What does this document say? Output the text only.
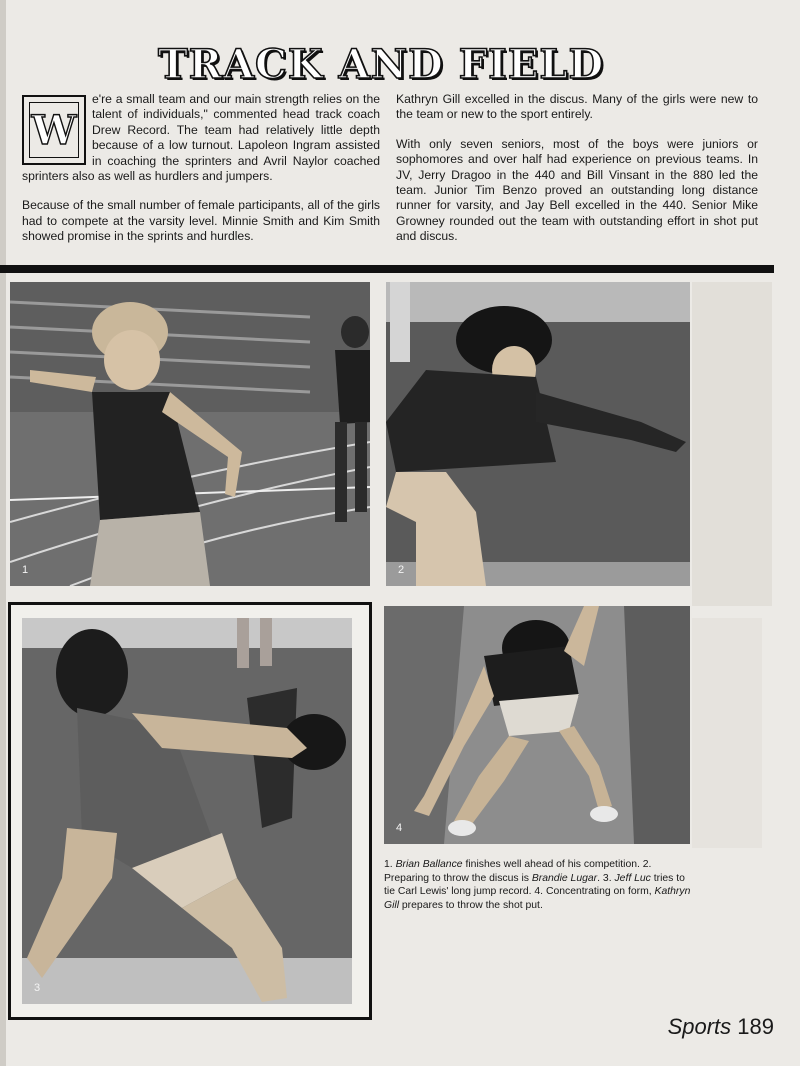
TRACK AND FIELD

e're a small team and our main strength relies on the talent of individuals," commented head track coach Drew Record. The team had relatively little depth because of a low turnout. Lapoleon Ingram assisted in coaching the sprinters and Avril Naylor coached sprinters also as well as hurdlers and jumpers.

Because of the small number of female participants, all of the girls had to compete at the varsity level. Minnie Smith and Kim Smith showed promise in the sprints and hurdles.

W

Kathryn Gill excelled in the discus. Many of the girls were new to the team or new to the sport entirely.

With only seven seniors, most of the boys were juniors or sophomores and over half had experience on previous teams. In JV, Jerry Dragoo in the 440 and Bill Vinsant in the 880 led the team. Junior Tim Benzo proved an outstanding long distance runner for varsity, and Jay Bell excelled in the 440. Senior Mike Growney rounded out the team with outstanding effort in shot put and discus.

1	2
3
4
1. Brian Ballance finishes well ahead of his competition. 2. Preparing to throw the discus is Brandie Lugar. 3. Jeff Luc tries to tie Carl Lewis' long jump record. 4. Concentrating on form, Kathryn Gill prepares to throw the shot put.
Sports 189
